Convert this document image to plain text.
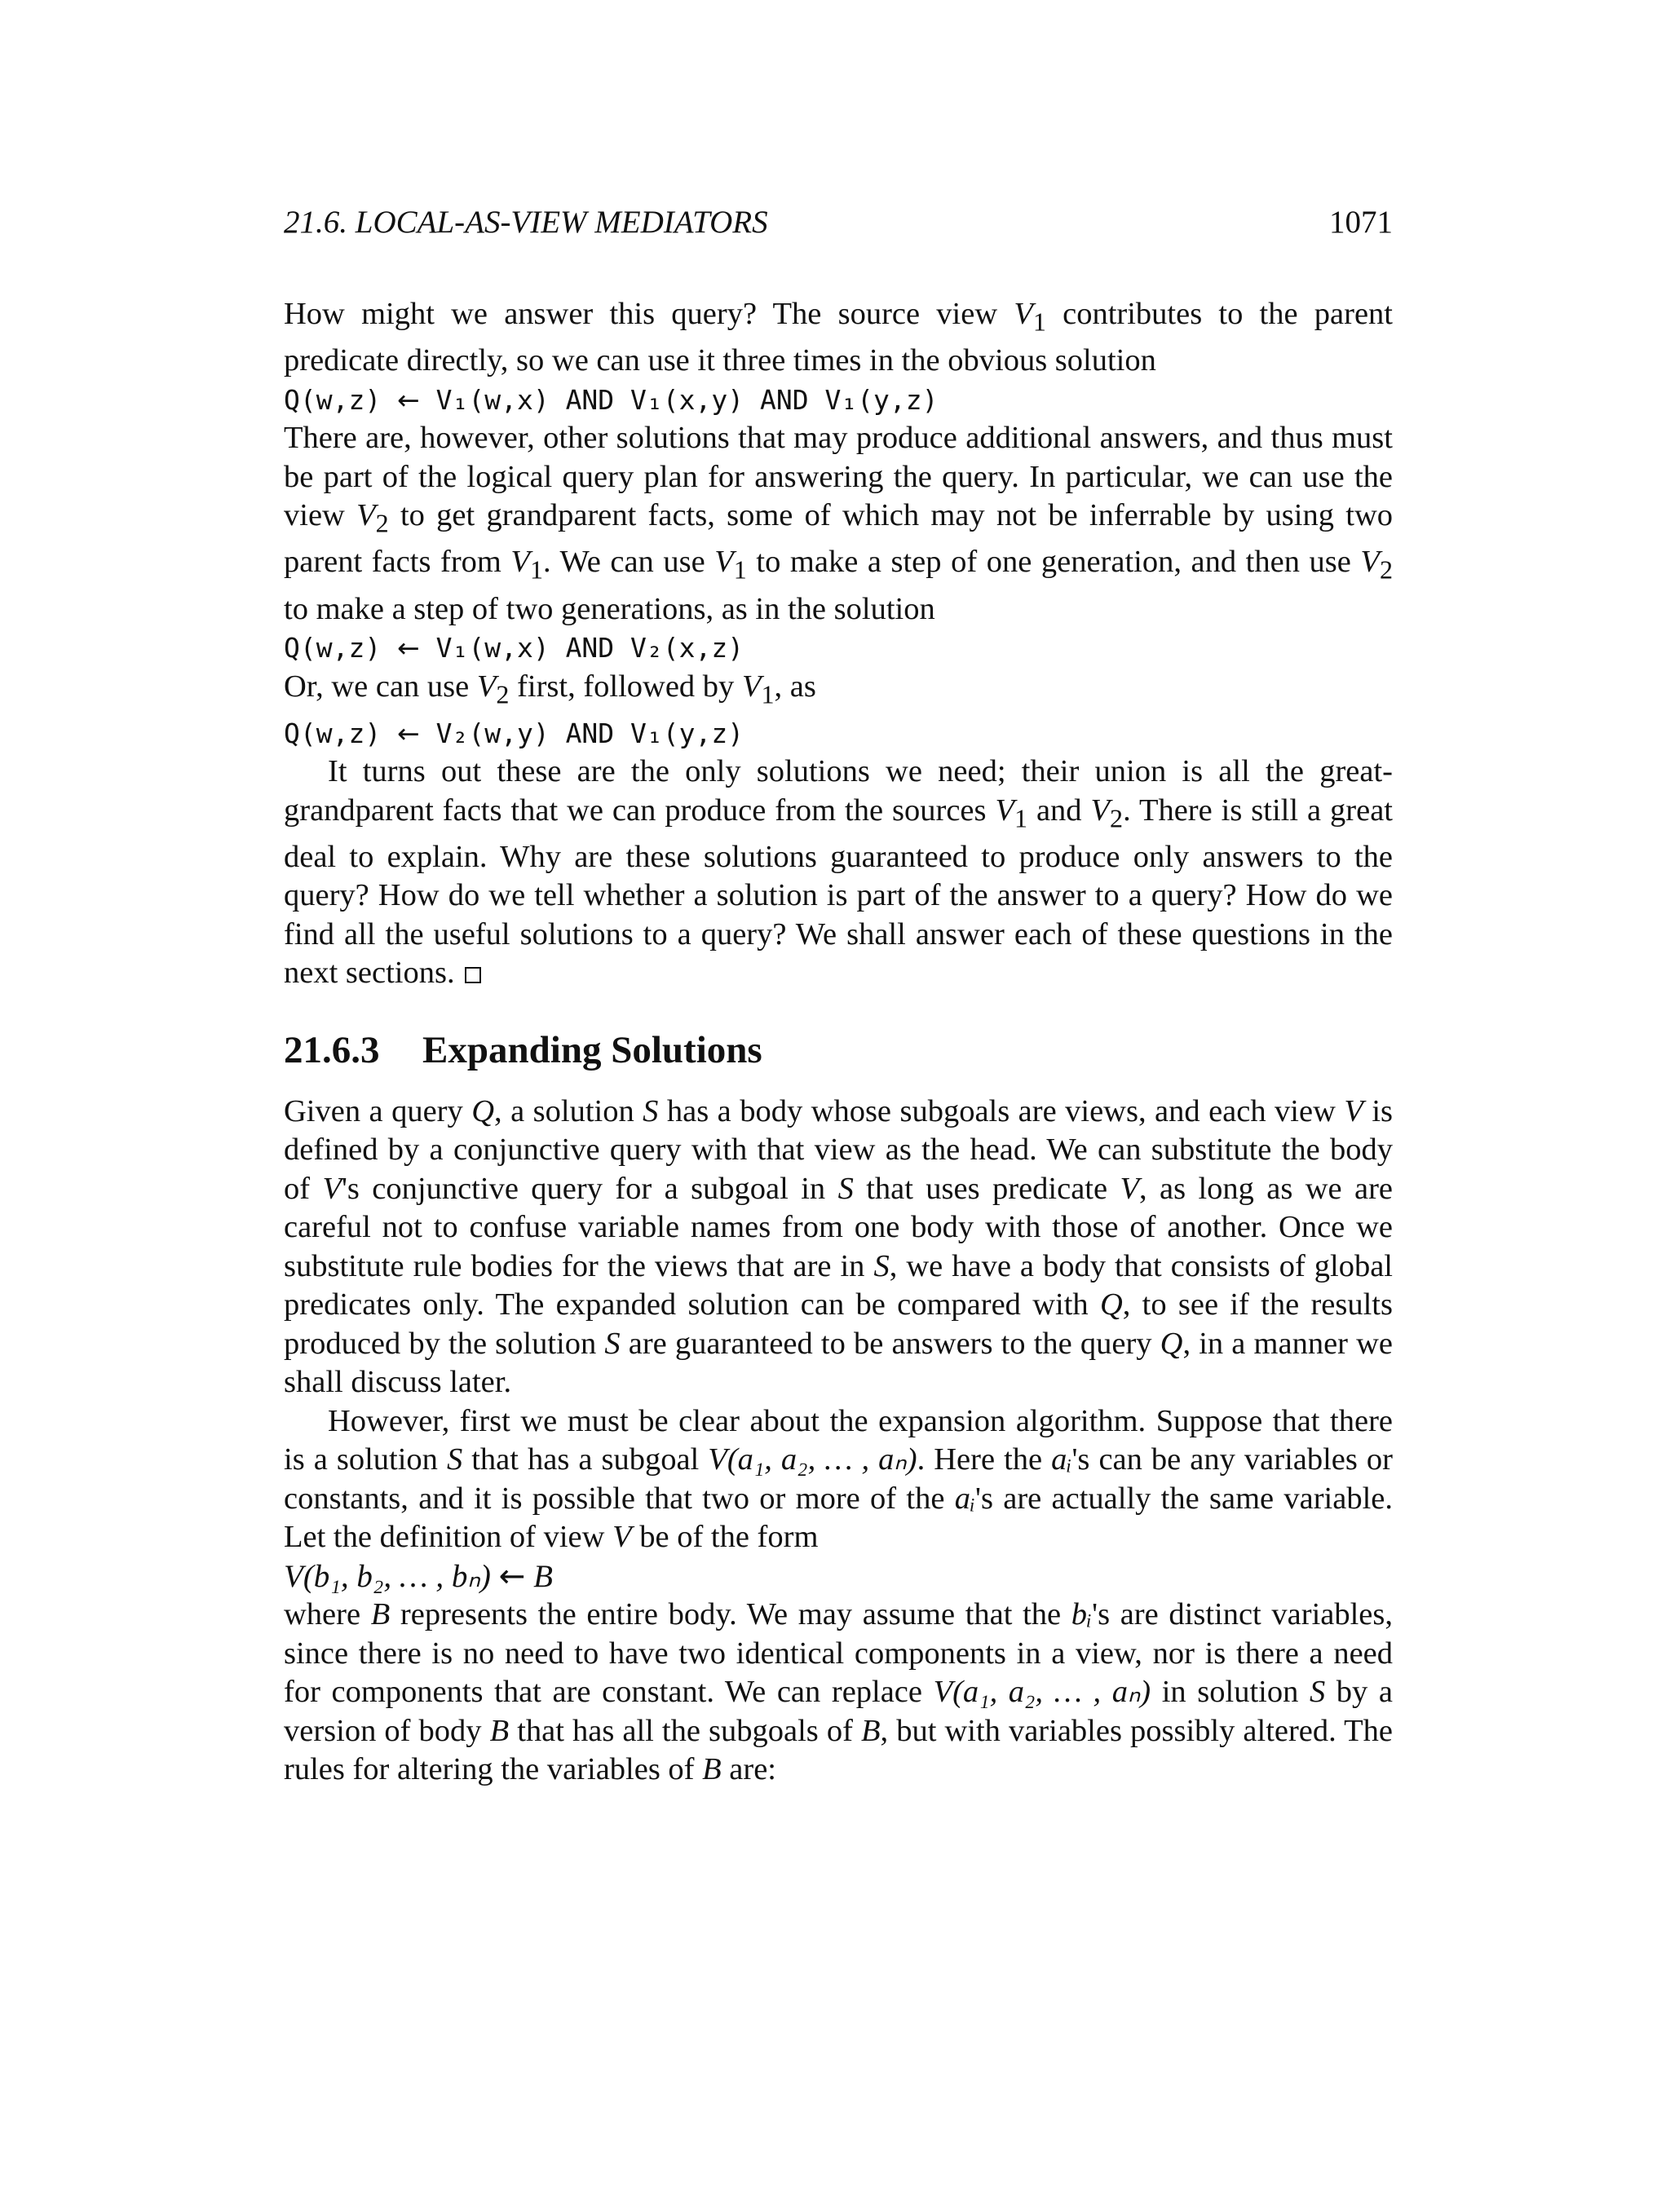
21.6. LOCAL-AS-VIEW MEDIATORS	1071

How might we answer this query? The source view $V_1$ contributes to the parent predicate directly, so we can use it three times in the obvious solution

Q(w,z) ← V₁(w,x) AND V₁(x,y) AND V₁(y,z)

There are, however, other solutions that may produce additional answers, and thus must be part of the logical query plan for answering the query. In particular, we can use the view $V_2$ to get grandparent facts, some of which may not be inferrable by using two parent facts from $V_1$. We can use $V_1$ to make a step of one generation, and then use $V_2$ to make a step of two generations, as in the solution

Q(w,z) ← V₁(w,x) AND V₂(x,z)

Or, we can use $V_2$ first, followed by $V_1$, as

Q(w,z) ← V₂(w,y) AND V₁(y,z)

It turns out these are the only solutions we need; their union is all the great-grandparent facts that we can produce from the sources $V_1$ and $V_2$. There is still a great deal to explain. Why are these solutions guaranteed to produce only answers to the query? How do we tell whether a solution is part of the answer to a query? How do we find all the useful solutions to a query? We shall answer each of these questions in the next sections.

21.6.3 Expanding Solutions

Given a query Q, a solution S has a body whose subgoals are views, and each view V is defined by a conjunctive query with that view as the head. We can substitute the body of V's conjunctive query for a subgoal in S that uses predicate V, as long as we are careful not to confuse variable names from one body with those of another. Once we substitute rule bodies for the views that are in S, we have a body that consists of global predicates only. The expanded solution can be compared with Q, to see if the results produced by the solution S are guaranteed to be answers to the query Q, in a manner we shall discuss later.

However, first we must be clear about the expansion algorithm. Suppose that there is a solution S that has a subgoal V(a₁, a₂, … , aₙ). Here the aᵢ's can be any variables or constants, and it is possible that two or more of the aᵢ's are actually the same variable. Let the definition of view V be of the form

V(b₁, b₂, … , bₙ) ← B

where B represents the entire body. We may assume that the bᵢ's are distinct variables, since there is no need to have two identical components in a view, nor is there a need for components that are constant. We can replace V(a₁, a₂, … , aₙ) in solution S by a version of body B that has all the subgoals of B, but with variables possibly altered. The rules for altering the variables of B are:
